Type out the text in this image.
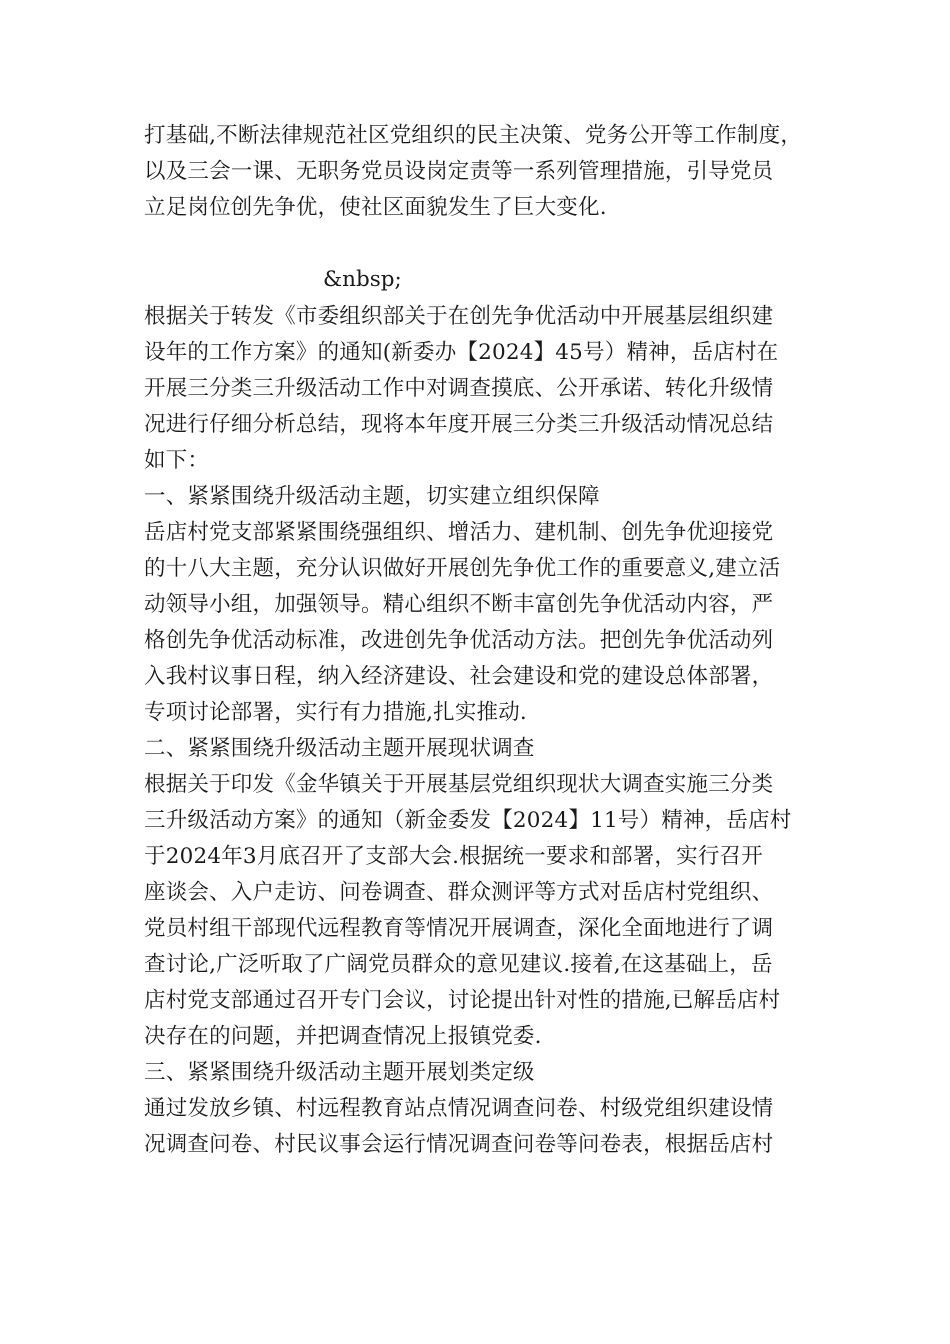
打基础,不断法律规范社区党组织的民主决策、党务公开等工作制度，
以及三会一课、无职务党员设岗定责等一系列管理措施，引导党员
立足岗位创先争优，使社区面貌发生了巨大变化.
&nbsp;
根据关于转发《市委组织部关于在创先争优活动中开展基层组织建
设年的工作方案》的通知(新委办【2024】45号）精神，岳店村在
开展三分类三升级活动工作中对调查摸底、公开承诺、转化升级情
况进行仔细分析总结，现将本年度开展三分类三升级活动情况总结
如下：
一、紧紧围绕升级活动主题，切实建立组织保障
岳店村党支部紧紧围绕强组织、增活力、建机制、创先争优迎接党
的十八大主题，充分认识做好开展创先争优工作的重要意义,建立活
动领导小组，加强领导。精心组织不断丰富创先争优活动内容，严
格创先争优活动标准，改进创先争优活动方法。把创先争优活动列
入我村议事日程，纳入经济建设、社会建设和党的建设总体部署，
专项讨论部署，实行有力措施,扎实推动.
二、紧紧围绕升级活动主题开展现状调查
根据关于印发《金华镇关于开展基层党组织现状大调查实施三分类
三升级活动方案》的通知（新金委发【2024】11号）精神，岳店村
于2024年3月底召开了支部大会.根据统一要求和部署，实行召开
座谈会、入户走访、问卷调查、群众测评等方式对岳店村党组织、
党员村组干部现代远程教育等情况开展调查，深化全面地进行了调
查讨论,广泛听取了广阔党员群众的意见建议.接着,在这基础上，岳
店村党支部通过召开专门会议，讨论提出针对性的措施,已解岳店村
决存在的问题，并把调查情况上报镇党委.
三、紧紧围绕升级活动主题开展划类定级
通过发放乡镇、村远程教育站点情况调查问卷、村级党组织建设情
况调查问卷、村民议事会运行情况调查问卷等问卷表，根据岳店村
